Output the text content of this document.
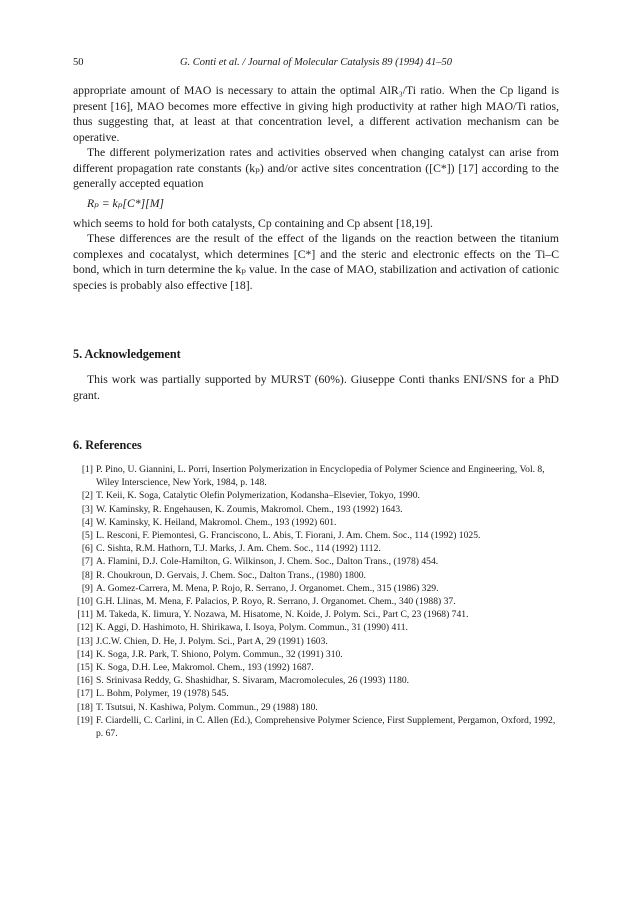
50	G. Conti et al. / Journal of Molecular Catalysis 89 (1994) 41–50

appropriate amount of MAO is necessary to attain the optimal AlR₃/Ti ratio. When the Cp ligand is present [16], MAO becomes more effective in giving high productivity at rather high MAO/Ti ratios, thus suggesting that, at least at that concentration level, a different activation mechanism can be operative.

The different polymerization rates and activities observed when changing catalyst can arise from different propagation rate constants (kₚ) and/or active sites concentration ([C*]) [17] according to the generally accepted equation

Rₚ = kₚ[C*][M]

which seems to hold for both catalysts, Cp containing and Cp absent [18,19].

These differences are the result of the effect of the ligands on the reaction between the titanium complexes and cocatalyst, which determines [C*] and the steric and electronic effects on the Ti–C bond, which in turn determine the kₚ value. In the case of MAO, stabilization and activation of cationic species is probably also effective [18].

5. Acknowledgement

This work was partially supported by MURST (60%). Giuseppe Conti thanks ENI/SNS for a PhD grant.

6. References
[1] P. Pino, U. Giannini, L. Porri, Insertion Polymerization in Encyclopedia of Polymer Science and Engineering, Vol. 8, Wiley Interscience, New York, 1984, p. 148.
[2] T. Keii, K. Soga, Catalytic Olefin Polymerization, Kodansha–Elsevier, Tokyo, 1990.
[3] W. Kaminsky, R. Engehausen, K. Zoumis, Makromol. Chem., 193 (1992) 1643.
[4] W. Kaminsky, K. Heiland, Makromol. Chem., 193 (1992) 601.
[5] L. Resconi, F. Piemontesi, G. Franciscono, L. Abis, T. Fiorani, J. Am. Chem. Soc., 114 (1992) 1025.
[6] C. Sishta, R.M. Hathorn, T.J. Marks, J. Am. Chem. Soc., 114 (1992) 1112.
[7] A. Flamini, D.J. Cole-Hamilton, G. Wilkinson, J. Chem. Soc., Dalton Trans., (1978) 454.
[8] R. Choukroun, D. Gervais, J. Chem. Soc., Dalton Trans., (1980) 1800.
[9] A. Gomez-Carrera, M. Mena, P. Rojo, R. Serrano, J. Organomet. Chem., 315 (1986) 329.
[10] G.H. Llinas, M. Mena, F. Palacios, P. Royo, R. Serrano, J. Organomet. Chem., 340 (1988) 37.
[11] M. Takeda, K. Iimura, Y. Nozawa, M. Hisatome, N. Koide, J. Polym. Sci., Part C, 23 (1968) 741.
[12] K. Aggi, D. Hashimoto, H. Shirikawa, I. Isoya, Polym. Commun., 31 (1990) 411.
[13] J.C.W. Chien, D. He, J. Polym. Sci., Part A, 29 (1991) 1603.
[14] K. Soga, J.R. Park, T. Shiono, Polym. Commun., 32 (1991) 310.
[15] K. Soga, D.H. Lee, Makromol. Chem., 193 (1992) 1687.
[16] S. Srinivasa Reddy, G. Shashidhar, S. Sivaram, Macromolecules, 26 (1993) 1180.
[17] L. Bohm, Polymer, 19 (1978) 545.
[18] T. Tsutsui, N. Kashiwa, Polym. Commun., 29 (1988) 180.
[19] F. Ciardelli, C. Carlini, in C. Allen (Ed.), Comprehensive Polymer Science, First Supplement, Pergamon, Oxford, 1992, p. 67.
